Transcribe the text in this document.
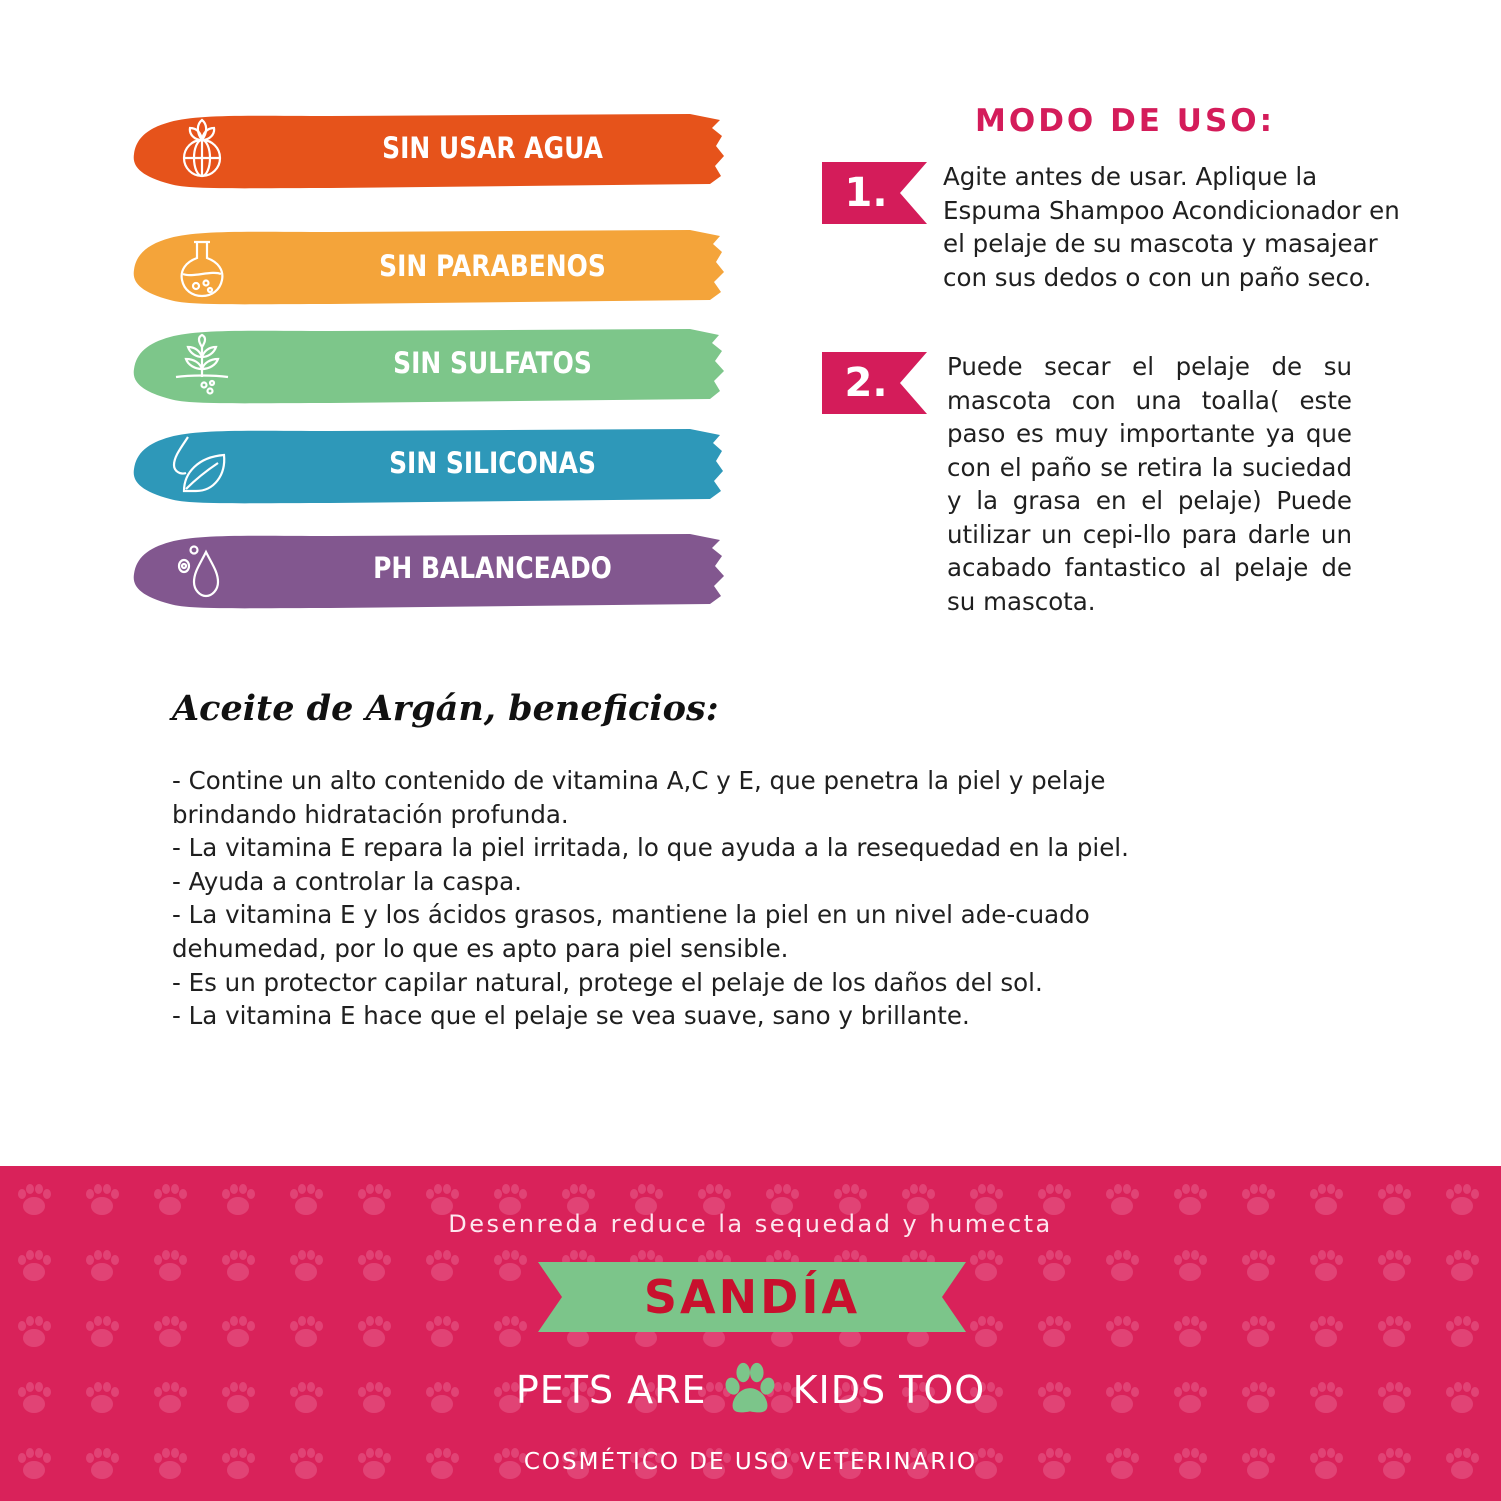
SIN USAR AGUA
SIN PARABENOS
SIN SULFATOS
SIN SILICONAS
PH BALANCEADO
MODO DE USO:
1.	Agite antes de usar. Aplique la Espuma Shampoo Acondicionador en el pelaje de su mascota y masajear con sus dedos o con un paño seco.
2.	Puede secar el pelaje de su mascota con una toalla( este paso es muy importante ya que con el paño se retira la suciedad y la grasa en el pelaje) Puede utilizar un cepi-llo para darle un acabado fantastico al pelaje de su mascota.
Aceite de Argán, beneficios:
- Contine un alto contenido de vitamina A,C y E, que penetra la piel y pelaje brindando hidratación profunda.
- La vitamina E repara la piel irritada, lo que ayuda a la resequedad en la piel.
- Ayuda a controlar la caspa.
- La vitamina E y los ácidos grasos, mantiene la piel en un nivel ade-cuado dehumedad, por lo que es apto para piel sensible.
- Es un protector capilar natural, protege el pelaje de los daños del sol.
- La vitamina E hace que el pelaje se vea suave, sano y brillante.
Desenreda reduce la sequedad y humecta
SANDÍA
PETS ARE KIDS TOO
COSMÉTICO DE USO VETERINARIO
